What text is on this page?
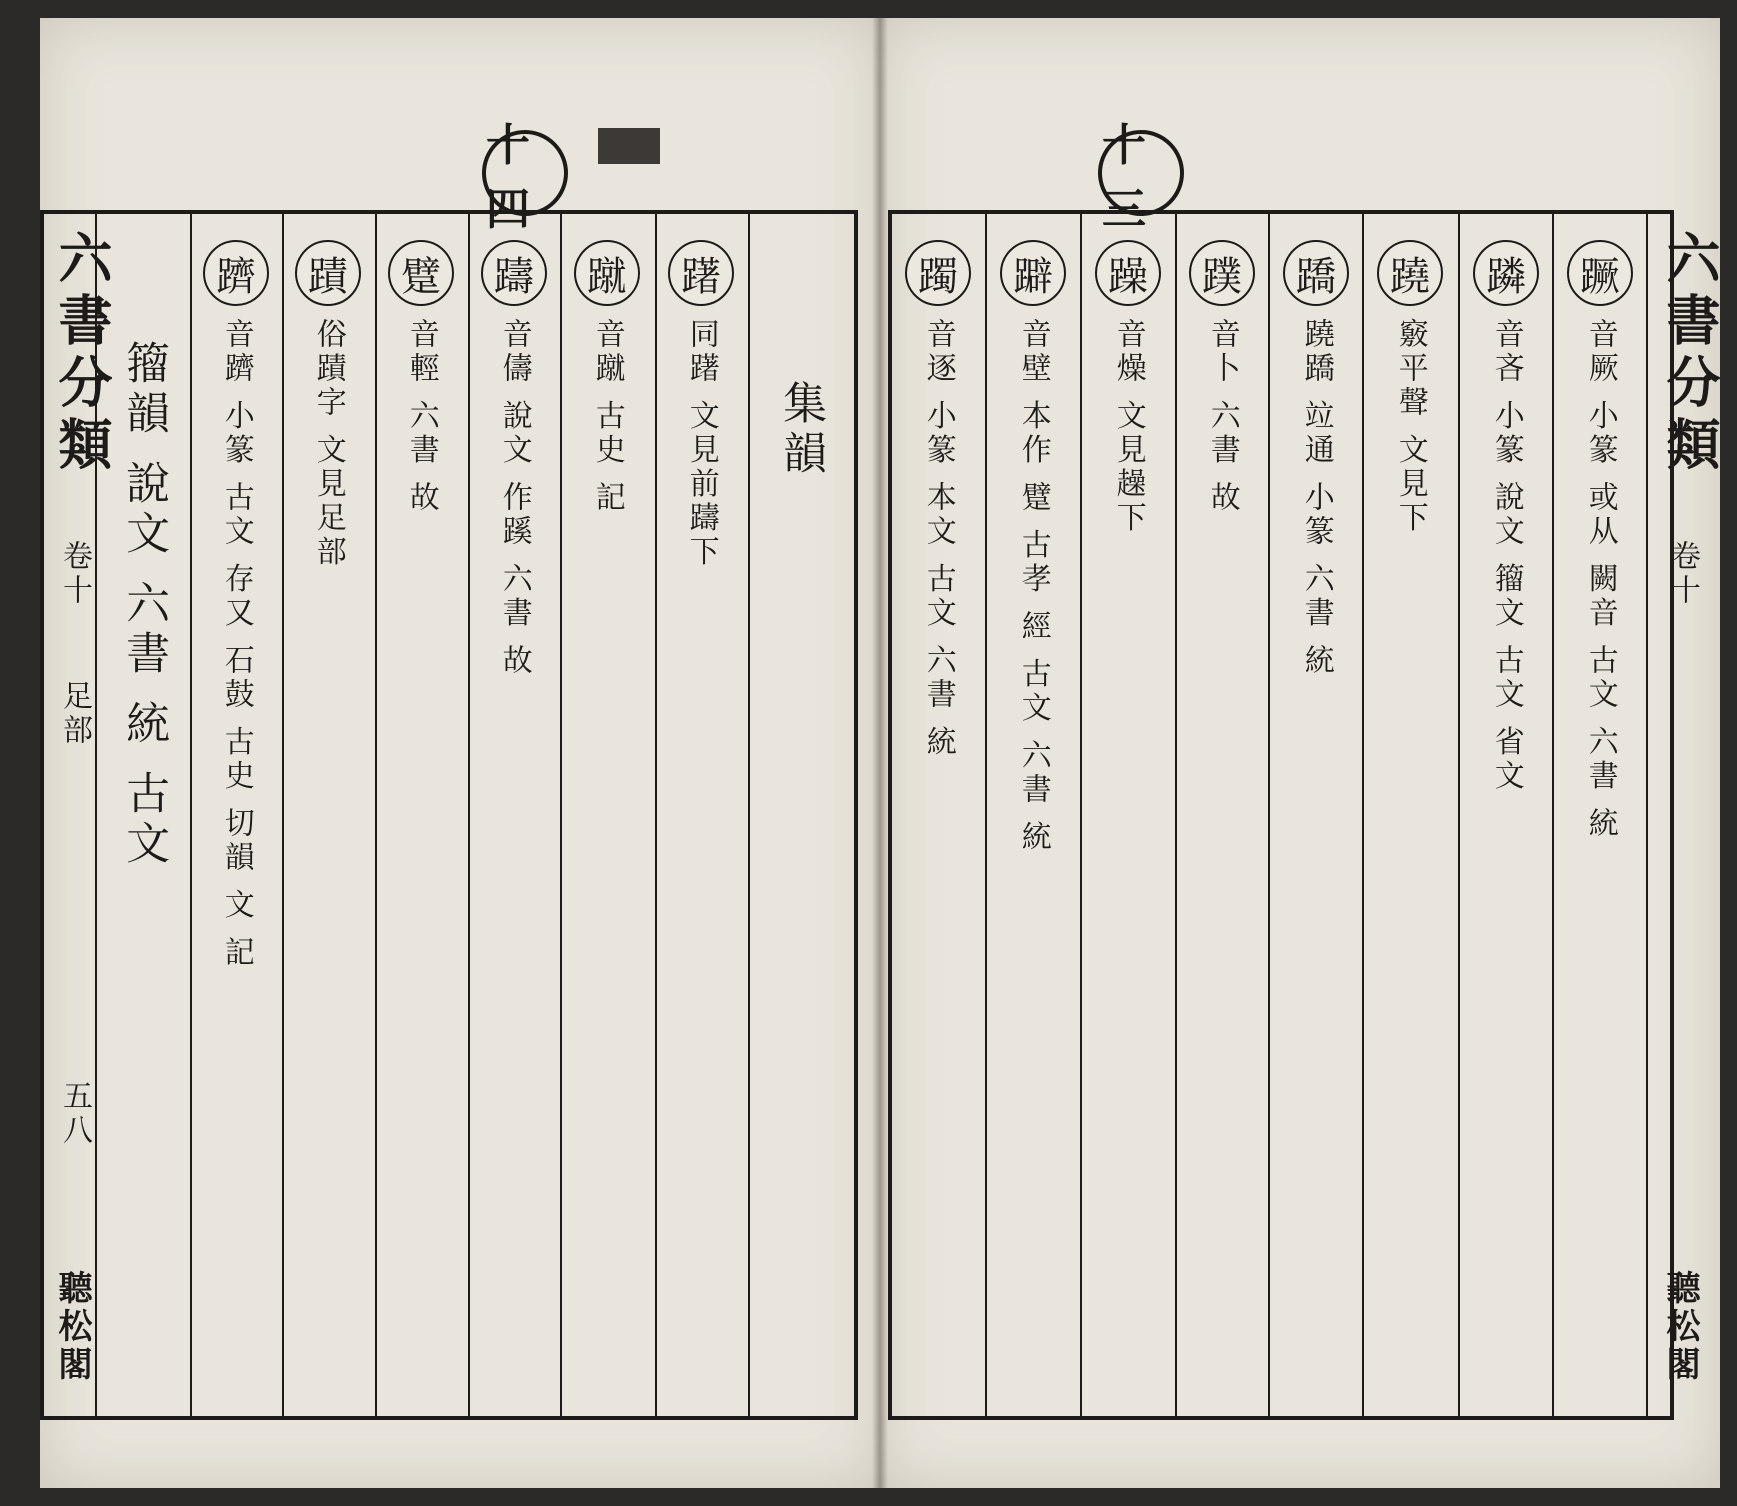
十四
十三
六書分類
卷十
足部
五八
聽松閣
籀韻 說文 六書 統 古文
躋
音躋 小篆 古文 存又 石鼓 古史 切韻 文 記
蹟
俗蹟字 文見足部
躄
音輕 六書 故
躊
音儔 說文 作蹊 六書 故
蹴
音蹴 古史 記
躇
同躇 文見前躊下 集韻	六書分類
卷十
聽松閣
蹶
音厥 小篆 或从 闕音 古文 六書 統
蹸
音吝 小篆 說文 籀文 古文 省文
蹺
竅平聲 文見下
蹻
蹺蹻 竝通 小篆 六書 統
蹼
音卜 六書 故
躁
音燥 文見趮下
躃
音壁 本作 躄 古孝 經 古文 六書 統
躅
音逐 小篆 本文 古文 六書 統
